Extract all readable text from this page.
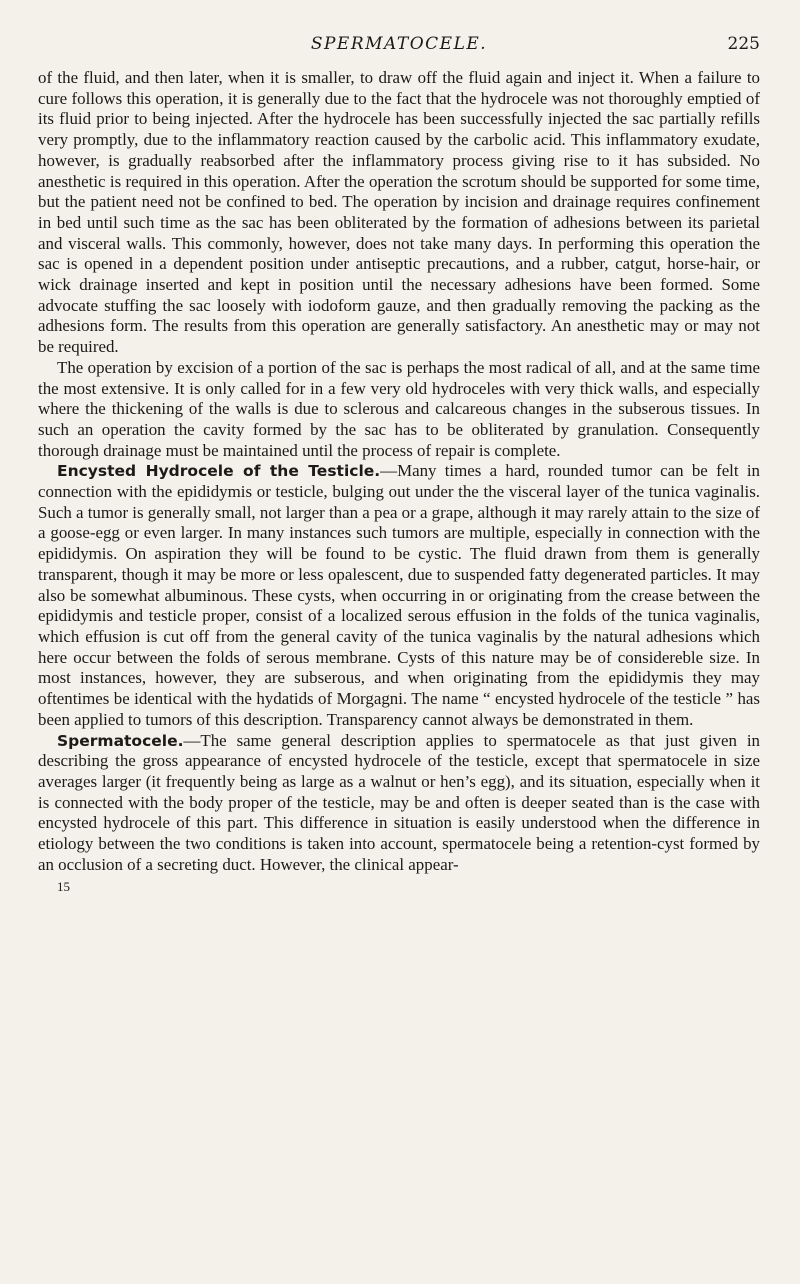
SPERMATOCELE.	225

of the fluid, and then later, when it is smaller, to draw off the fluid again and inject it. When a failure to cure follows this operation, it is generally due to the fact that the hydrocele was not thoroughly emptied of its fluid prior to being injected. After the hydrocele has been successfully injected the sac partially refills very promptly, due to the inflammatory reaction caused by the carbolic acid. This inflammatory exudate, however, is gradually reabsorbed after the inflammatory process giving rise to it has subsided. No anesthetic is required in this operation. After the operation the scrotum should be supported for some time, but the patient need not be confined to bed. The operation by incision and drainage requires confinement in bed until such time as the sac has been obliterated by the formation of adhesions between its parietal and visceral walls. This commonly, however, does not take many days. In performing this operation the sac is opened in a dependent position under antiseptic precautions, and a rubber, catgut, horse-hair, or wick drainage inserted and kept in position until the necessary adhesions have been formed. Some advocate stuffing the sac loosely with iodoform gauze, and then gradually removing the packing as the adhesions form. The results from this operation are generally satisfactory. An anesthetic may or may not be required.

The operation by excision of a portion of the sac is perhaps the most radical of all, and at the same time the most extensive. It is only called for in a few very old hydroceles with very thick walls, and especially where the thickening of the walls is due to sclerous and calcareous changes in the subserous tissues. In such an operation the cavity formed by the sac has to be obliterated by granulation. Consequently thorough drainage must be maintained until the process of repair is complete.

Encysted Hydrocele of the Testicle.—Many times a hard, rounded tumor can be felt in connection with the epididymis or testicle, bulging out under the the visceral layer of the tunica vaginalis. Such a tumor is generally small, not larger than a pea or a grape, although it may rarely attain to the size of a goose-egg or even larger. In many instances such tumors are multiple, especially in connection with the epididymis. On aspiration they will be found to be cystic. The fluid drawn from them is generally transparent, though it may be more or less opalescent, due to suspended fatty degenerated particles. It may also be somewhat albuminous. These cysts, when occurring in or originating from the crease between the epididymis and testicle proper, consist of a localized serous effusion in the folds of the tunica vaginalis, which effusion is cut off from the general cavity of the tunica vaginalis by the natural adhesions which here occur between the folds of serous membrane. Cysts of this nature may be of considereble size. In most instances, however, they are subserous, and when originating from the epididymis they may oftentimes be identical with the hydatids of Morgagni. The name “ encysted hydrocele of the testicle ” has been applied to tumors of this description. Transparency cannot always be demonstrated in them.

Spermatocele.—The same general description applies to spermatocele as that just given in describing the gross appearance of encysted hydrocele of the testicle, except that spermatocele in size averages larger (it frequently being as large as a walnut or hen’s egg), and its situation, especially when it is connected with the body proper of the testicle, may be and often is deeper seated than is the case with encysted hydrocele of this part. This difference in situation is easily understood when the difference in etiology between the two conditions is taken into account, spermatocele being a retention-cyst formed by an occlusion of a secreting duct. However, the clinical appear-

15
